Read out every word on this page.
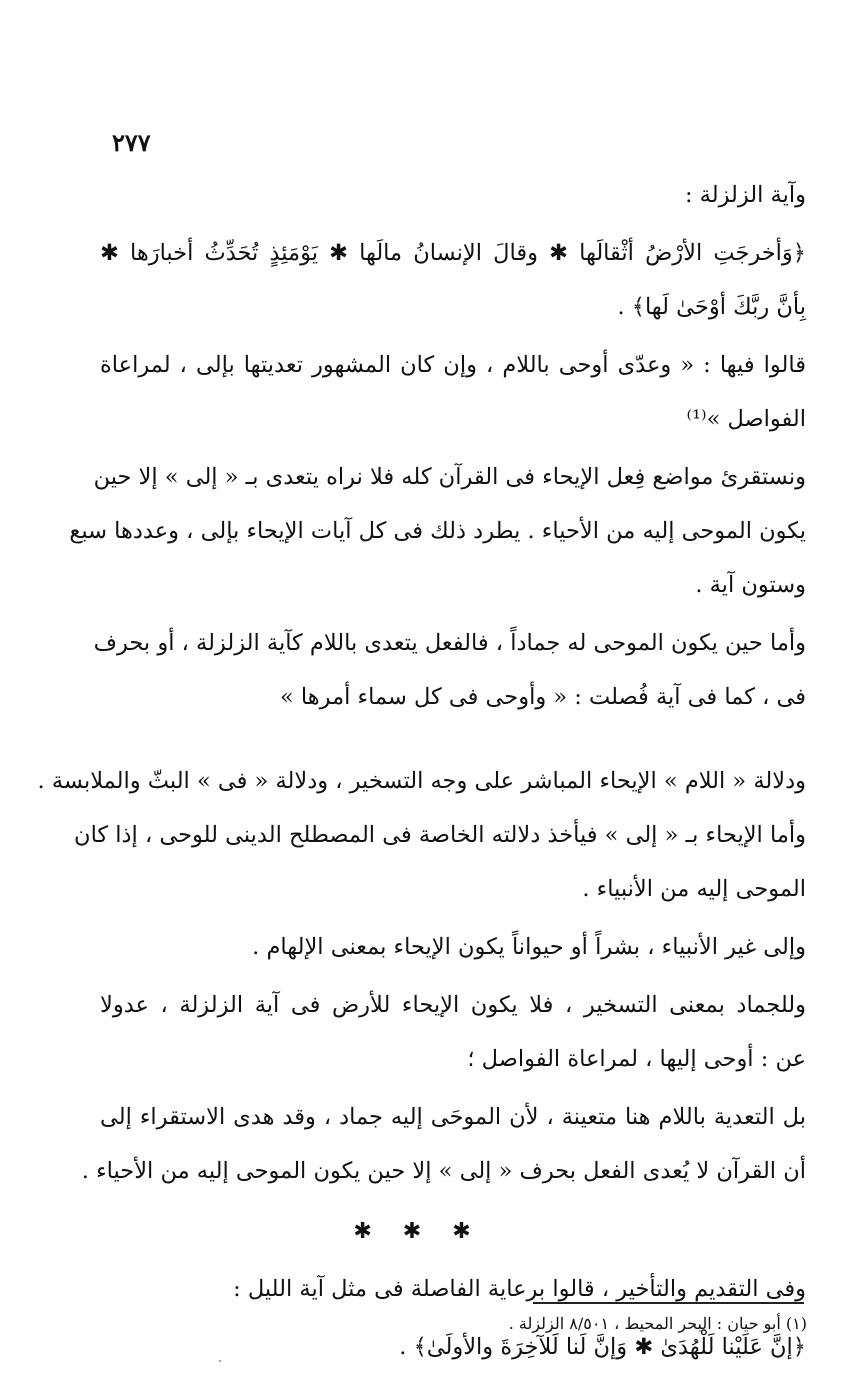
٢٧٧
وآية الزلزلة :
﴿وَأخرجَتِ الأرْضُ أثْقالَها ✱ وقالَ الإنسانُ مالَها ✱ يَوْمَئِذٍ تُحَدِّثُ أخبارَها ✱
بِأنَّ ربَّكَ أوْحَىٰ لَها﴾ .
قالوا فيها : « وعدّى أوحى باللام ، وإن كان المشهور تعديتها بإلى ، لمراعاة
الفواصل »⁽¹⁾
ونستقرئ مواضع فِعل الإيحاء فى القرآن كله فلا نراه يتعدى بـ « إلى » إلا حين
يكون الموحى إليه من الأحياء . يطرد ذلك فى كل آيات الإيحاء بإلى ، وعددها سبع
وستون آية .
وأما حين يكون الموحى له جماداً ، فالفعل يتعدى باللام كآية الزلزلة ، أو بحرف
فى ، كما فى آية فُصلت : « وأوحى فى كل سماء أمرها »
ودلالة « اللام » الإيحاء المباشر على وجه التسخير ، ودلالة « فى » البثّ والملابسة .
وأما الإيحاء بـ « إلى » فيأخذ دلالته الخاصة فى المصطلح الدينى للوحى ، إذا كان
الموحى إليه من الأنبياء .
وإلى غير الأنبياء ، بشراً أو حيواناً يكون الإيحاء بمعنى الإلهام .
وللجماد بمعنى التسخير ، فلا يكون الإيحاء للأرض فى آية الزلزلة ، عدولا
عن : أوحى إليها ، لمراعاة الفواصل ؛
بل التعدية باللام هنا متعينة ، لأن الموحَى إليه جماد ، وقد هدى الاستقراء إلى
أن القرآن لا يُعدى الفعل بحرف « إلى » إلا حين يكون الموحى إليه من الأحياء .
✱ ✱ ✱
وفى التقديم والتأخير ، قالوا برعاية الفاصلة فى مثل آية الليل :
﴿إنَّ عَلَيْنا لَلْهُدَىٰ ✱ وَإنَّ لَنا لَلآخِرَةَ والأولَىٰ﴾ .
(١) أبو حيان : البحر المحيط ، ٨/٥٠١ الزلزلة .
